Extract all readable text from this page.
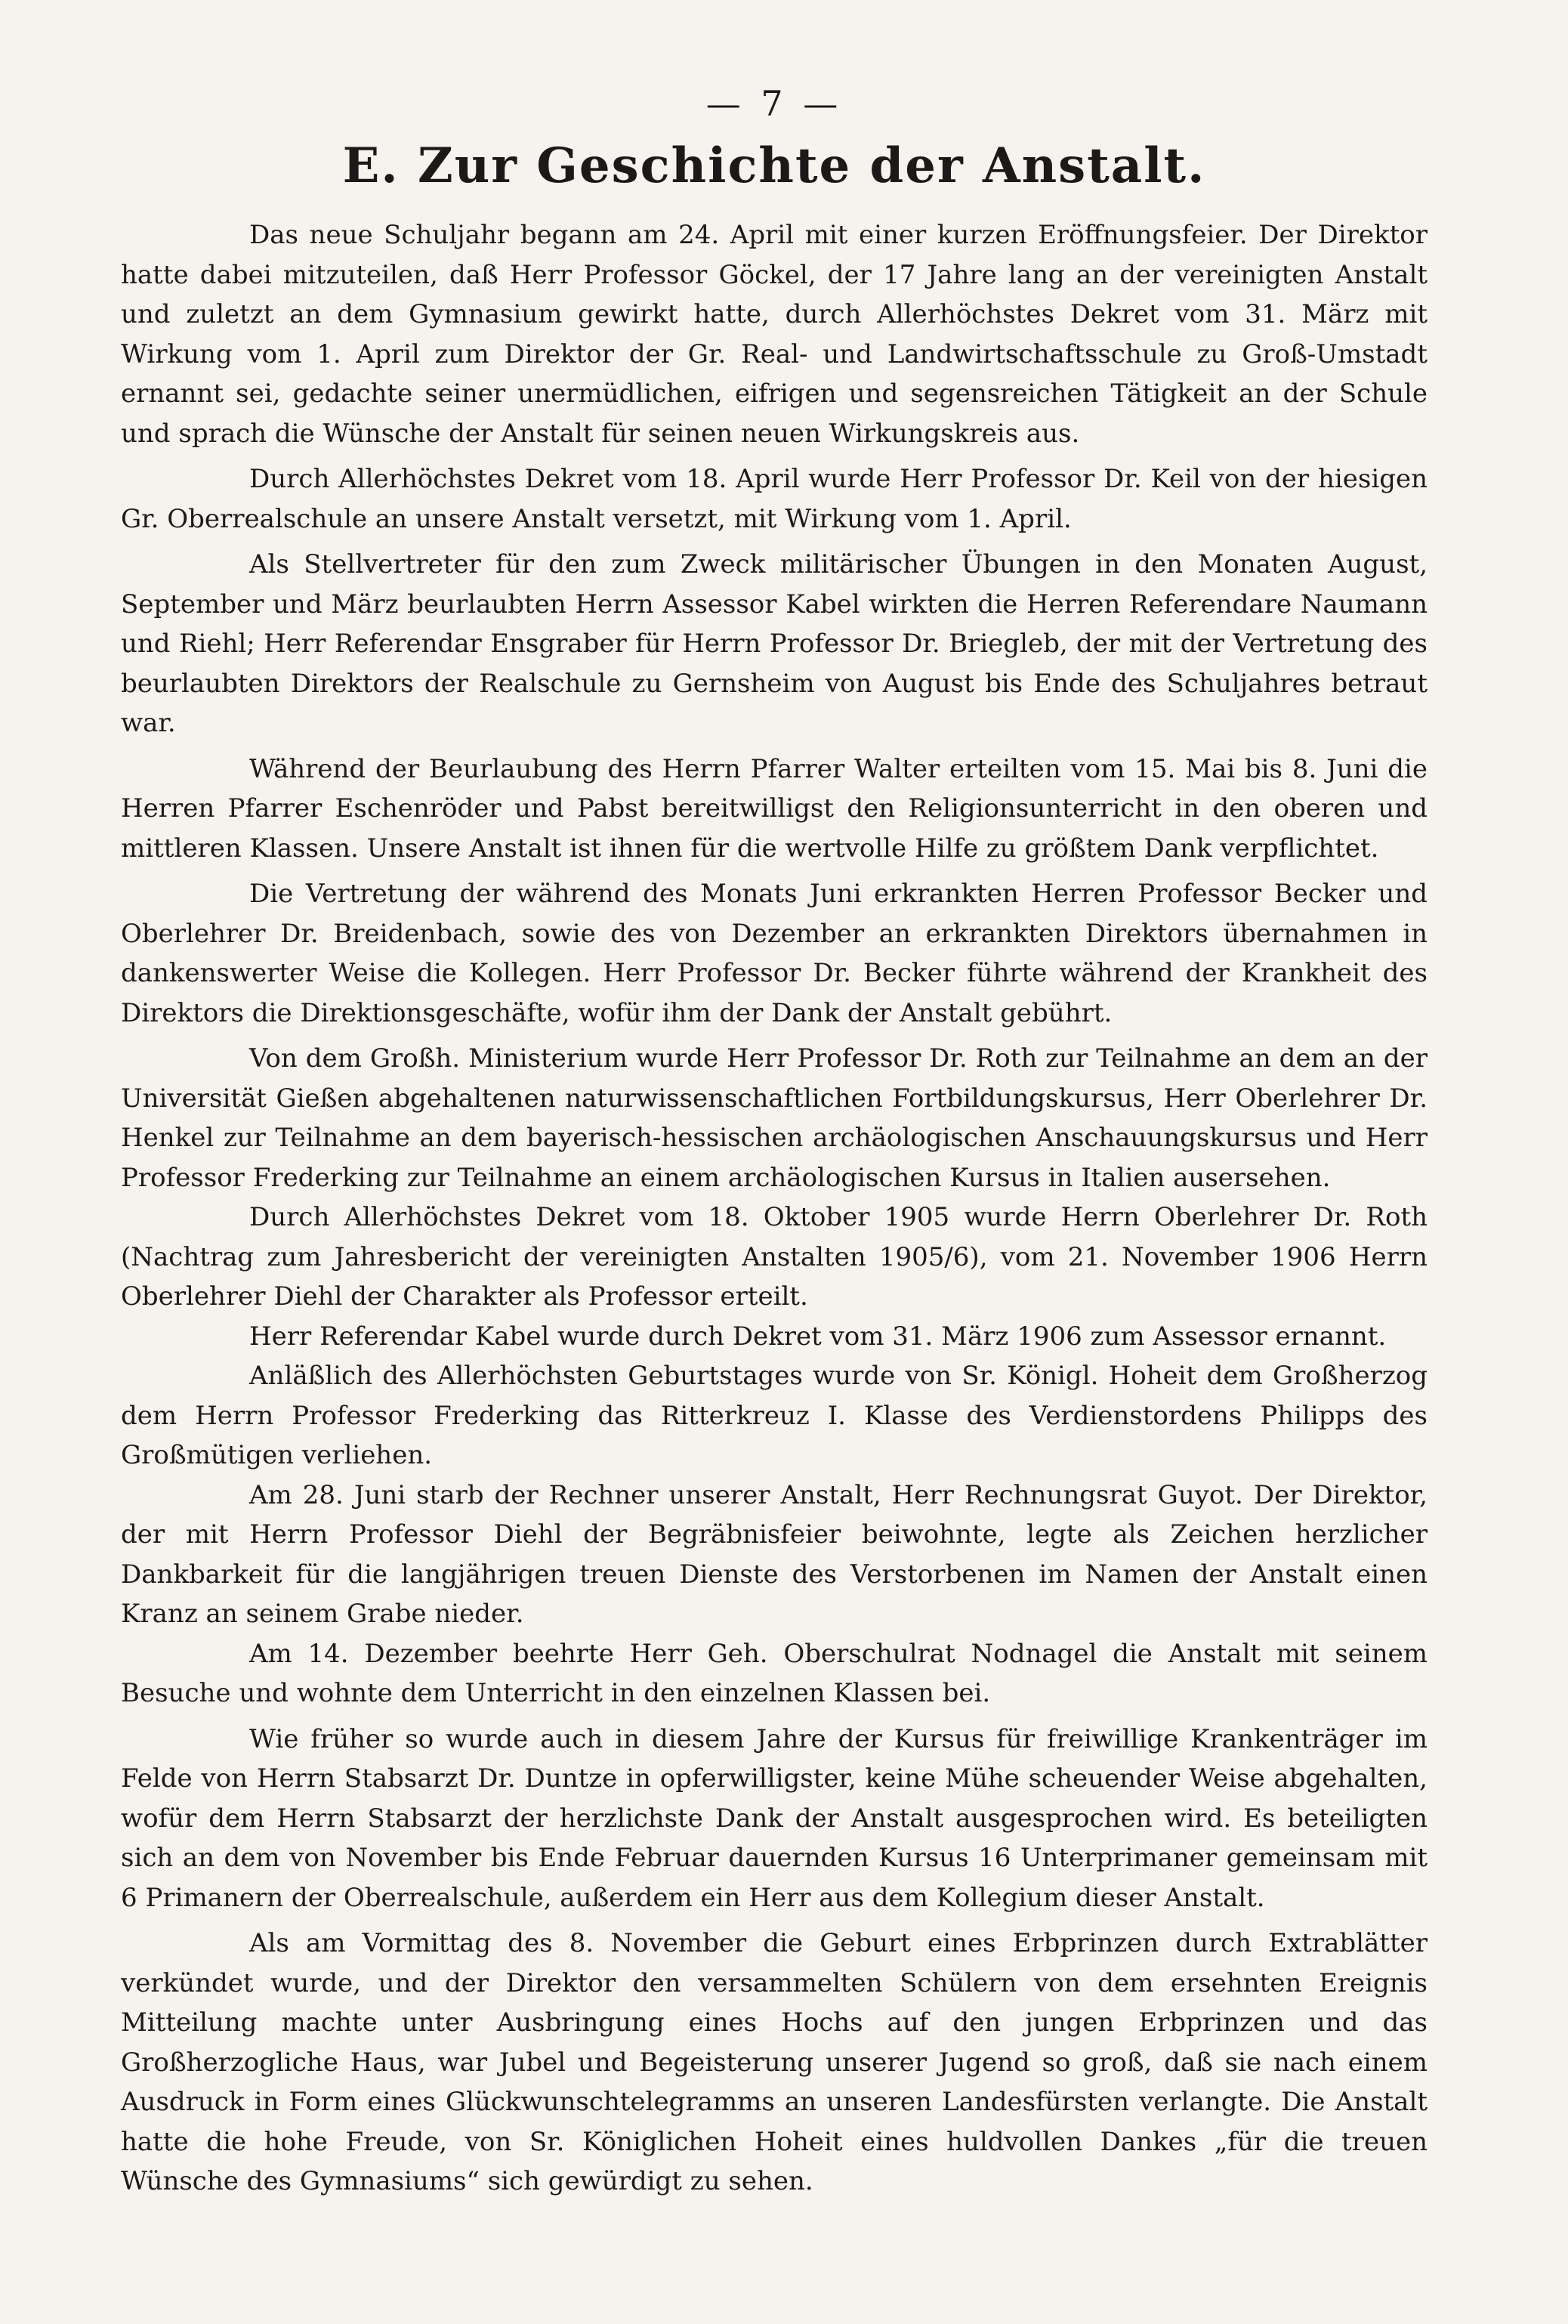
— 7 —
E. Zur Geschichte der Anstalt.

Das neue Schuljahr begann am 24. April mit einer kurzen Eröffnungsfeier. Der Direktor hatte dabei mitzuteilen, daß Herr Professor Göckel, der 17 Jahre lang an der vereinigten Anstalt und zuletzt an dem Gymnasium gewirkt hatte, durch Allerhöchstes Dekret vom 31. März mit Wirkung vom 1. April zum Direktor der Gr. Real- und Landwirtschaftsschule zu Groß-Umstadt ernannt sei, gedachte seiner unermüdlichen, eifrigen und segensreichen Tätigkeit an der Schule und sprach die Wünsche der Anstalt für seinen neuen Wirkungskreis aus.

Durch Allerhöchstes Dekret vom 18. April wurde Herr Professor Dr. Keil von der hiesigen Gr. Oberrealschule an unsere Anstalt versetzt, mit Wirkung vom 1. April.

Als Stellvertreter für den zum Zweck militärischer Übungen in den Monaten August, September und März beurlaubten Herrn Assessor Kabel wirkten die Herren Referendare Naumann und Riehl; Herr Referendar Ensgraber für Herrn Professor Dr. Briegleb, der mit der Vertretung des beurlaubten Direktors der Realschule zu Gernsheim von August bis Ende des Schuljahres betraut war.

Während der Beurlaubung des Herrn Pfarrer Walter erteilten vom 15. Mai bis 8. Juni die Herren Pfarrer Eschenröder und Pabst bereitwilligst den Religionsunterricht in den oberen und mittleren Klassen. Unsere Anstalt ist ihnen für die wertvolle Hilfe zu größtem Dank verpflichtet.

Die Vertretung der während des Monats Juni erkrankten Herren Professor Becker und Oberlehrer Dr. Breidenbach, sowie des von Dezember an erkrankten Direktors übernahmen in dankenswerter Weise die Kollegen. Herr Professor Dr. Becker führte während der Krankheit des Direktors die Direktionsgeschäfte, wofür ihm der Dank der Anstalt gebührt.

Von dem Großh. Ministerium wurde Herr Professor Dr. Roth zur Teilnahme an dem an der Universität Gießen abgehaltenen naturwissenschaftlichen Fortbildungskursus, Herr Oberlehrer Dr. Henkel zur Teilnahme an dem bayerisch-hessischen archäologischen Anschauungskursus und Herr Professor Frederking zur Teilnahme an einem archäologischen Kursus in Italien ausersehen.

Durch Allerhöchstes Dekret vom 18. Oktober 1905 wurde Herrn Oberlehrer Dr. Roth (Nachtrag zum Jahresbericht der vereinigten Anstalten 1905/6), vom 21. November 1906 Herrn Oberlehrer Diehl der Charakter als Professor erteilt.

Herr Referendar Kabel wurde durch Dekret vom 31. März 1906 zum Assessor ernannt.

Anläßlich des Allerhöchsten Geburtstages wurde von Sr. Königl. Hoheit dem Großherzog dem Herrn Professor Frederking das Ritterkreuz I. Klasse des Verdienstordens Philipps des Großmütigen verliehen.

Am 28. Juni starb der Rechner unserer Anstalt, Herr Rechnungsrat Guyot. Der Direktor, der mit Herrn Professor Diehl der Begräbnisfeier beiwohnte, legte als Zeichen herzlicher Dankbarkeit für die langjährigen treuen Dienste des Verstorbenen im Namen der Anstalt einen Kranz an seinem Grabe nieder.

Am 14. Dezember beehrte Herr Geh. Oberschulrat Nodnagel die Anstalt mit seinem Besuche und wohnte dem Unterricht in den einzelnen Klassen bei.

Wie früher so wurde auch in diesem Jahre der Kursus für freiwillige Krankenträger im Felde von Herrn Stabsarzt Dr. Duntze in opferwilligster, keine Mühe scheuender Weise abgehalten, wofür dem Herrn Stabsarzt der herzlichste Dank der Anstalt ausgesprochen wird. Es beteiligten sich an dem von November bis Ende Februar dauernden Kursus 16 Unterprimaner gemeinsam mit 6 Primanern der Oberrealschule, außerdem ein Herr aus dem Kollegium dieser Anstalt.

Als am Vormittag des 8. November die Geburt eines Erbprinzen durch Extrablätter verkündet wurde, und der Direktor den versammelten Schülern von dem ersehnten Ereignis Mitteilung machte unter Ausbringung eines Hochs auf den jungen Erbprinzen und das Großherzogliche Haus, war Jubel und Begeisterung unserer Jugend so groß, daß sie nach einem Ausdruck in Form eines Glückwunschtelegramms an unseren Landesfürsten verlangte. Die Anstalt hatte die hohe Freude, von Sr. Königlichen Hoheit eines huldvollen Dankes „für die treuen Wünsche des Gymnasiums“ sich gewürdigt zu sehen.
